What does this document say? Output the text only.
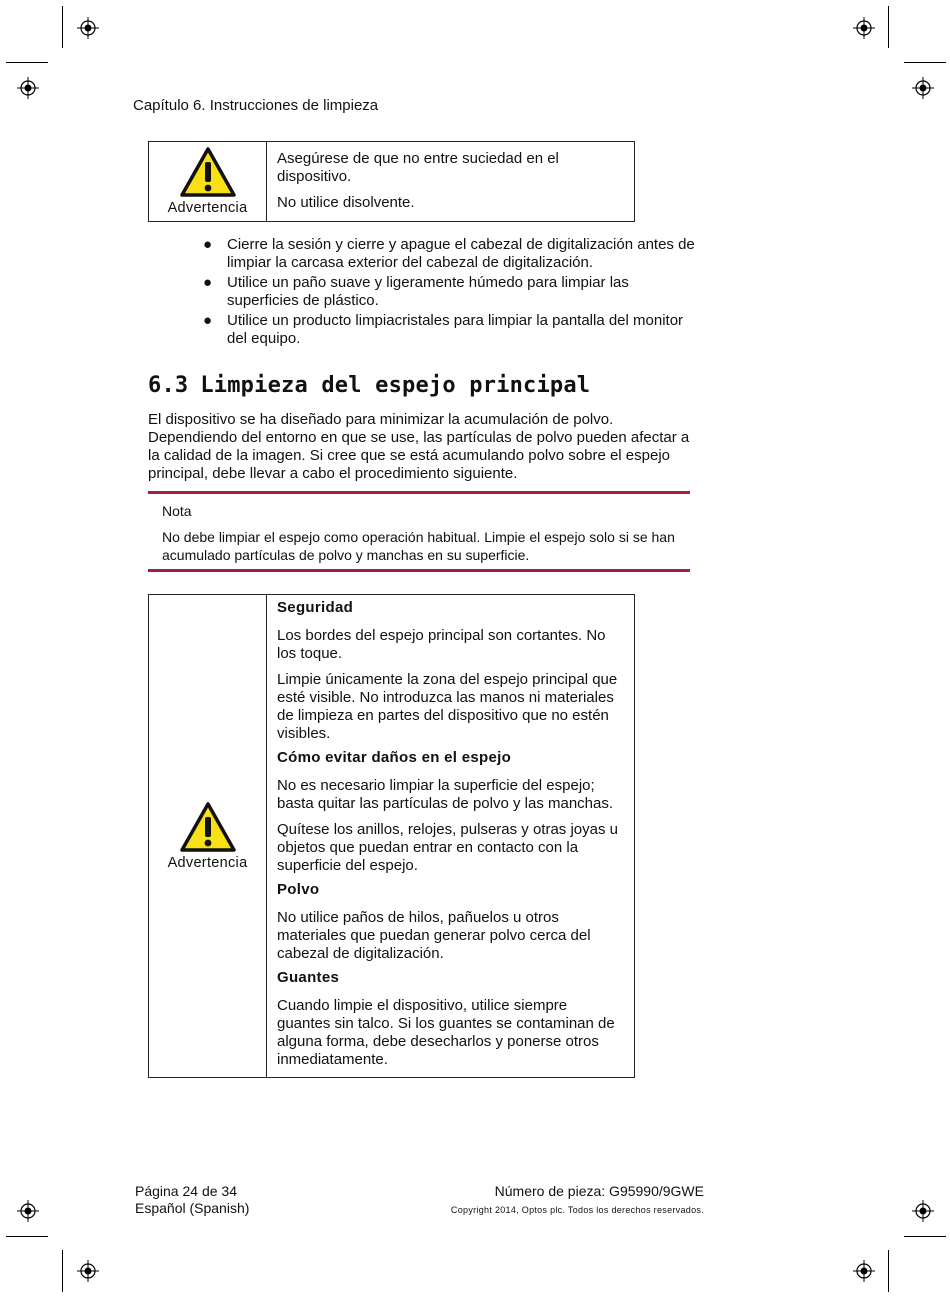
Capítulo 6. Instrucciones de limpieza
Advertencia

Asegúrese de que no entre suciedad en el dispositivo.

No utilice disolvente.

● Cierre la sesión y cierre y apague el cabezal de digitalización antes de limpiar la carcasa exterior del cabezal de digitalización.
● Utilice un paño suave y ligeramente húmedo para limpiar las superficies de plástico.
● Utilice un producto limpiacristales para limpiar la pantalla del monitor del equipo.
6.3 Limpieza del espejo principal

El dispositivo se ha diseñado para minimizar la acumulación de polvo. Dependiendo del entorno en que se use, las partículas de polvo pueden afectar a la calidad de la imagen. Si cree que se está acumulando polvo sobre el espejo principal, debe llevar a cabo el procedimiento siguiente.

Nota

No debe limpiar el espejo como operación habitual. Limpie el espejo solo si se han acumulado partículas de polvo y manchas en su superficie.

Advertencia

Seguridad

Los bordes del espejo principal son cortantes. No los toque.

Limpie únicamente la zona del espejo principal que esté visible. No introduzca las manos ni materiales de limpieza en partes del dispositivo que no estén visibles.

Cómo evitar daños en el espejo

No es necesario limpiar la superficie del espejo; basta quitar las partículas de polvo y las manchas.

Quítese los anillos, relojes, pulseras y otras joyas u objetos que puedan entrar en contacto con la superficie del espejo.

Polvo

No utilice paños de hilos, pañuelos u otros materiales que puedan generar polvo cerca del cabezal de digitalización.

Guantes

Cuando limpie el dispositivo, utilice siempre guantes sin talco. Si los guantes se contaminan de alguna forma, debe desecharlos y ponerse otros inmediatamente.

Página 24 de 34
Español (Spanish)
Número de pieza: G95990/9GWE
Copyright 2014, Optos plc. Todos los derechos reservados.
